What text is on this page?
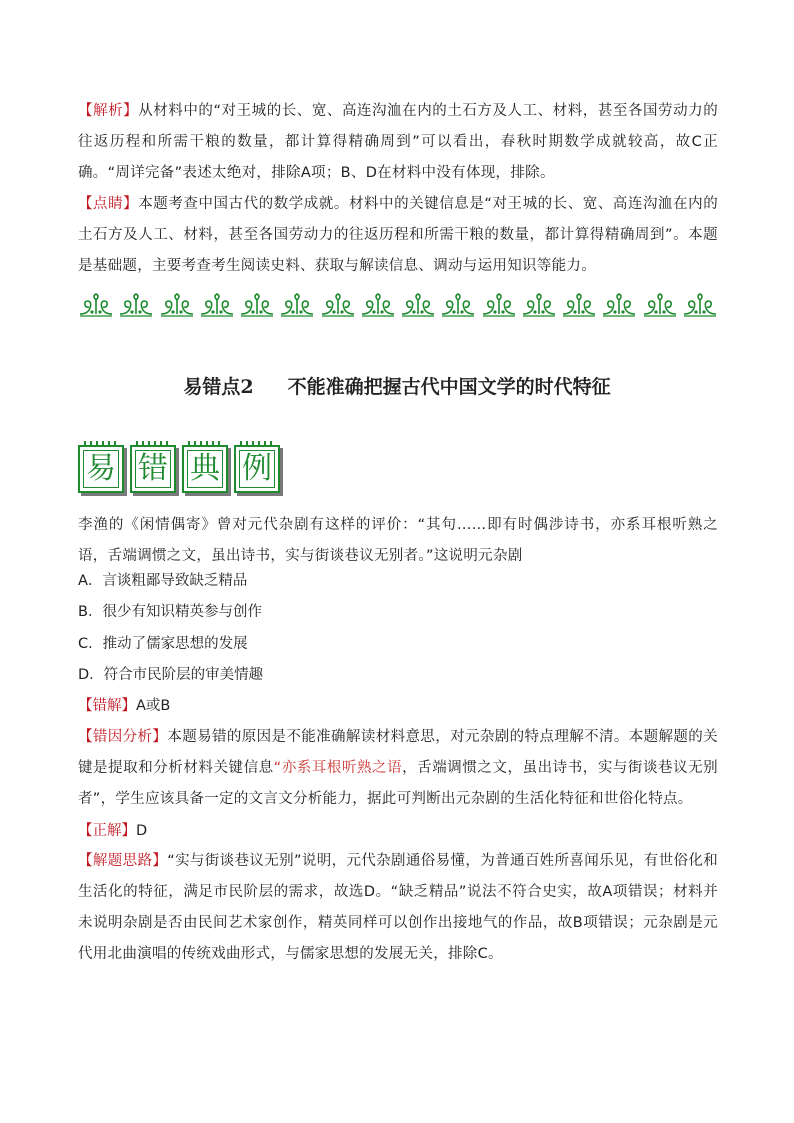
【解析】从材料中的“对王城的长、宽、高连沟洫在内的土石方及人工、材料，甚至各国劳动力的往返历程和所需干粮的数量，都计算得精确周到”可以看出，春秋时期数学成就较高，故C正确。“周详完备”表述太绝对，排除A项；B、D在材料中没有体现，排除。
【点睛】本题考查中国古代的数学成就。材料中的关键信息是“对王城的长、宽、高连沟洫在内的土石方及人工、材料，甚至各国劳动力的往返历程和所需干粮的数量，都计算得精确周到”。本题是基础题，主要考查考生阅读史料、获取与解读信息、调动与运用知识等能力。
易错点2 不能准确把握古代中国文学的时代特征
易 错 典 例
李渔的《闲情偶寄》曾对元代杂剧有这样的评价：“其句……即有时偶涉诗书，亦系耳根听熟之语，舌端调惯之文，虽出诗书，实与街谈巷议无别者。”这说明元杂剧
A．言谈粗鄙导致缺乏精品
B．很少有知识精英参与创作
C．推动了儒家思想的发展
D．符合市民阶层的审美情趣
【错解】A或B
【错因分析】本题易错的原因是不能准确解读材料意思，对元杂剧的特点理解不清。本题解题的关键是提取和分析材料关键信息“亦系耳根听熟之语，舌端调惯之文，虽出诗书，实与街谈巷议无别者”，学生应该具备一定的文言文分析能力，据此可判断出元杂剧的生活化特征和世俗化特点。
【正解】D
【解题思路】“实与街谈巷议无别”说明，元代杂剧通俗易懂，为普通百姓所喜闻乐见，有世俗化和生活化的特征，满足市民阶层的需求，故选D。“缺乏精品”说法不符合史实，故A项错误；材料并未说明杂剧是否由民间艺术家创作，精英同样可以创作出接地气的作品，故B项错误；元杂剧是元代用北曲演唱的传统戏曲形式，与儒家思想的发展无关，排除C。
